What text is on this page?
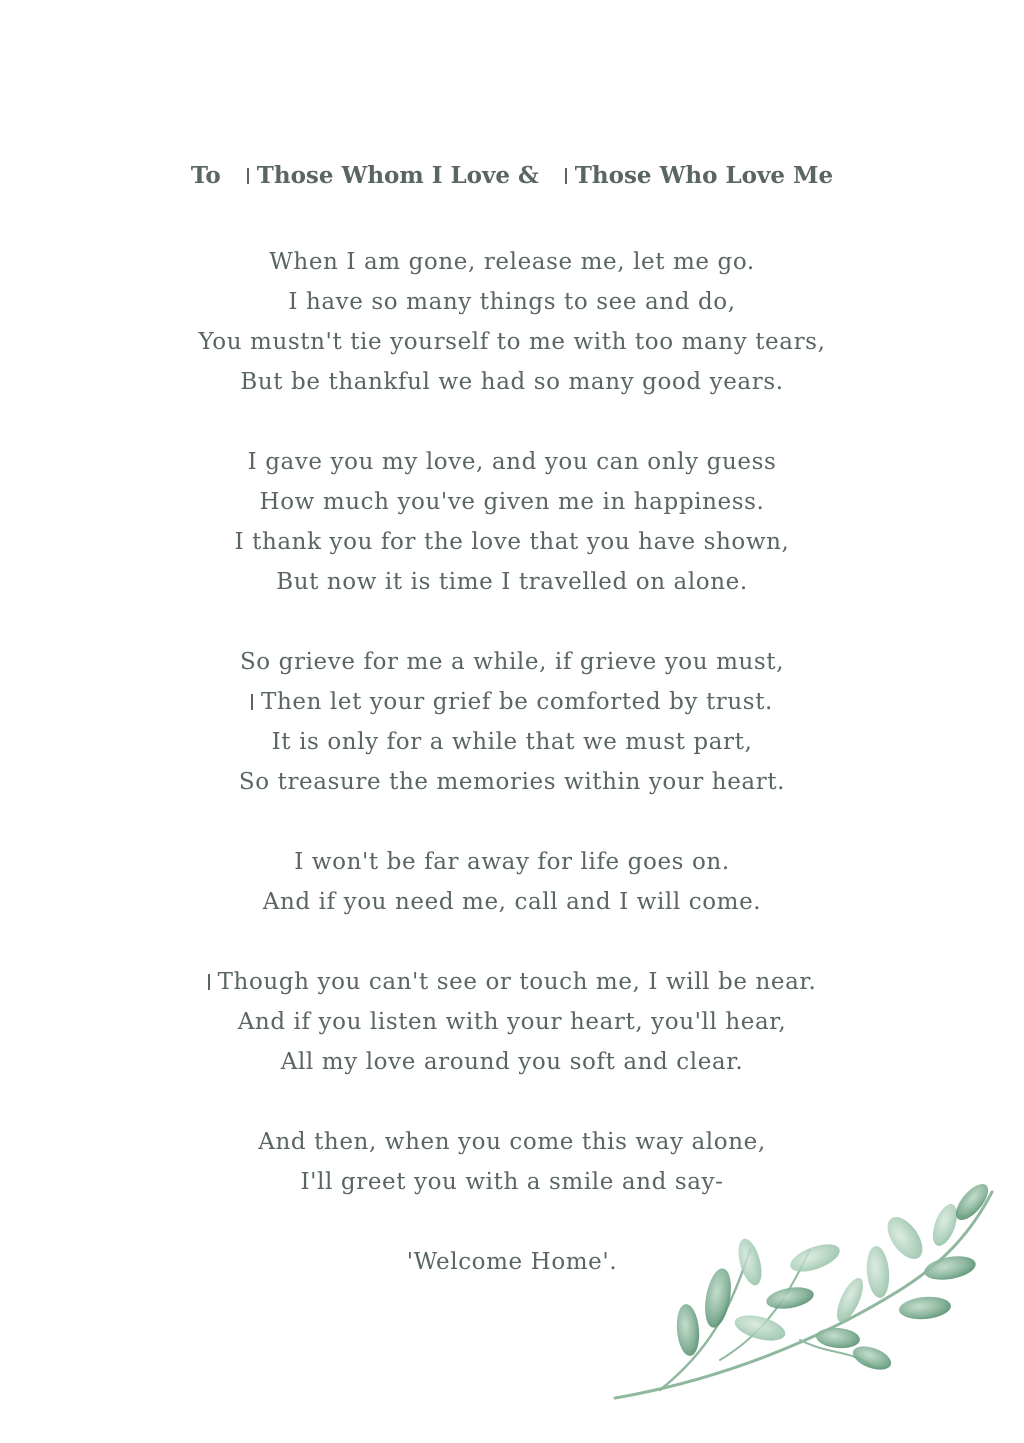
To Those Whom I Love & Those Who Love Me
When I am gone, release me, let me go.
I have so many things to see and do,
You mustn't tie yourself to me with too many tears,
But be thankful we had so many good years.
I gave you my love, and you can only guess
How much you've given me in happiness.
I thank you for the love that you have shown,
But now it is time I travelled on alone.
So grieve for me a while, if grieve you must,
Then let your grief be comforted by trust.
It is only for a while that we must part,
So treasure the memories within your heart.
I won't be far away for life goes on.
And if you need me, call and I will come.
Though you can't see or touch me, I will be near.
And if you listen with your heart, you'll hear,
All my love around you soft and clear.
And then, when you come this way alone,
I'll greet you with a smile and say-
'Welcome Home'.
